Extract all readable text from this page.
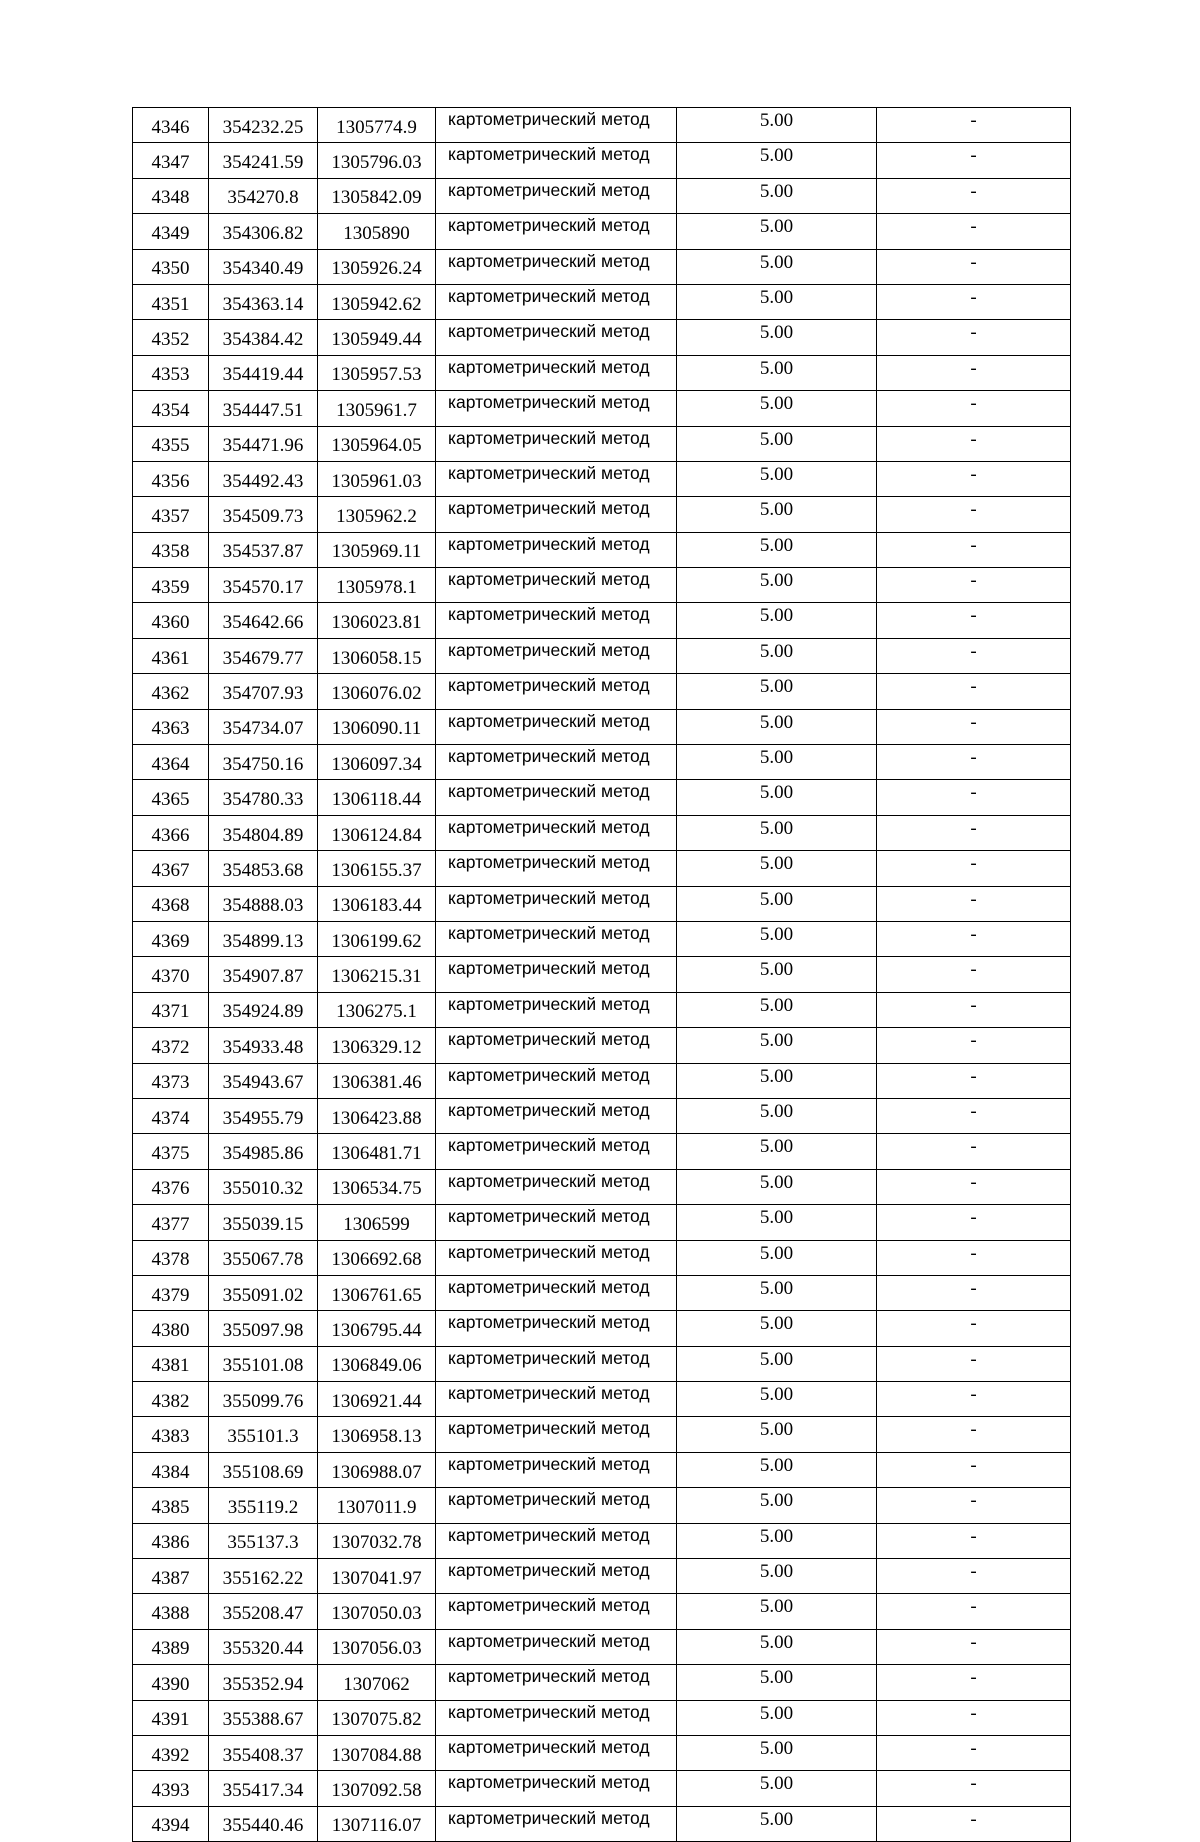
4346	354232.25	1305774.9	картометрический метод	5.00	-
4347	354241.59	1305796.03	картометрический метод	5.00	-
4348	354270.8	1305842.09	картометрический метод	5.00	-
4349	354306.82	1305890	картометрический метод	5.00	-
4350	354340.49	1305926.24	картометрический метод	5.00	-
4351	354363.14	1305942.62	картометрический метод	5.00	-
4352	354384.42	1305949.44	картометрический метод	5.00	-
4353	354419.44	1305957.53	картометрический метод	5.00	-
4354	354447.51	1305961.7	картометрический метод	5.00	-
4355	354471.96	1305964.05	картометрический метод	5.00	-
4356	354492.43	1305961.03	картометрический метод	5.00	-
4357	354509.73	1305962.2	картометрический метод	5.00	-
4358	354537.87	1305969.11	картометрический метод	5.00	-
4359	354570.17	1305978.1	картометрический метод	5.00	-
4360	354642.66	1306023.81	картометрический метод	5.00	-
4361	354679.77	1306058.15	картометрический метод	5.00	-
4362	354707.93	1306076.02	картометрический метод	5.00	-
4363	354734.07	1306090.11	картометрический метод	5.00	-
4364	354750.16	1306097.34	картометрический метод	5.00	-
4365	354780.33	1306118.44	картометрический метод	5.00	-
4366	354804.89	1306124.84	картометрический метод	5.00	-
4367	354853.68	1306155.37	картометрический метод	5.00	-
4368	354888.03	1306183.44	картометрический метод	5.00	-
4369	354899.13	1306199.62	картометрический метод	5.00	-
4370	354907.87	1306215.31	картометрический метод	5.00	-
4371	354924.89	1306275.1	картометрический метод	5.00	-
4372	354933.48	1306329.12	картометрический метод	5.00	-
4373	354943.67	1306381.46	картометрический метод	5.00	-
4374	354955.79	1306423.88	картометрический метод	5.00	-
4375	354985.86	1306481.71	картометрический метод	5.00	-
4376	355010.32	1306534.75	картометрический метод	5.00	-
4377	355039.15	1306599	картометрический метод	5.00	-
4378	355067.78	1306692.68	картометрический метод	5.00	-
4379	355091.02	1306761.65	картометрический метод	5.00	-
4380	355097.98	1306795.44	картометрический метод	5.00	-
4381	355101.08	1306849.06	картометрический метод	5.00	-
4382	355099.76	1306921.44	картометрический метод	5.00	-
4383	355101.3	1306958.13	картометрический метод	5.00	-
4384	355108.69	1306988.07	картометрический метод	5.00	-
4385	355119.2	1307011.9	картометрический метод	5.00	-
4386	355137.3	1307032.78	картометрический метод	5.00	-
4387	355162.22	1307041.97	картометрический метод	5.00	-
4388	355208.47	1307050.03	картометрический метод	5.00	-
4389	355320.44	1307056.03	картометрический метод	5.00	-
4390	355352.94	1307062	картометрический метод	5.00	-
4391	355388.67	1307075.82	картометрический метод	5.00	-
4392	355408.37	1307084.88	картометрический метод	5.00	-
4393	355417.34	1307092.58	картометрический метод	5.00	-
4394	355440.46	1307116.07	картометрический метод	5.00	-
